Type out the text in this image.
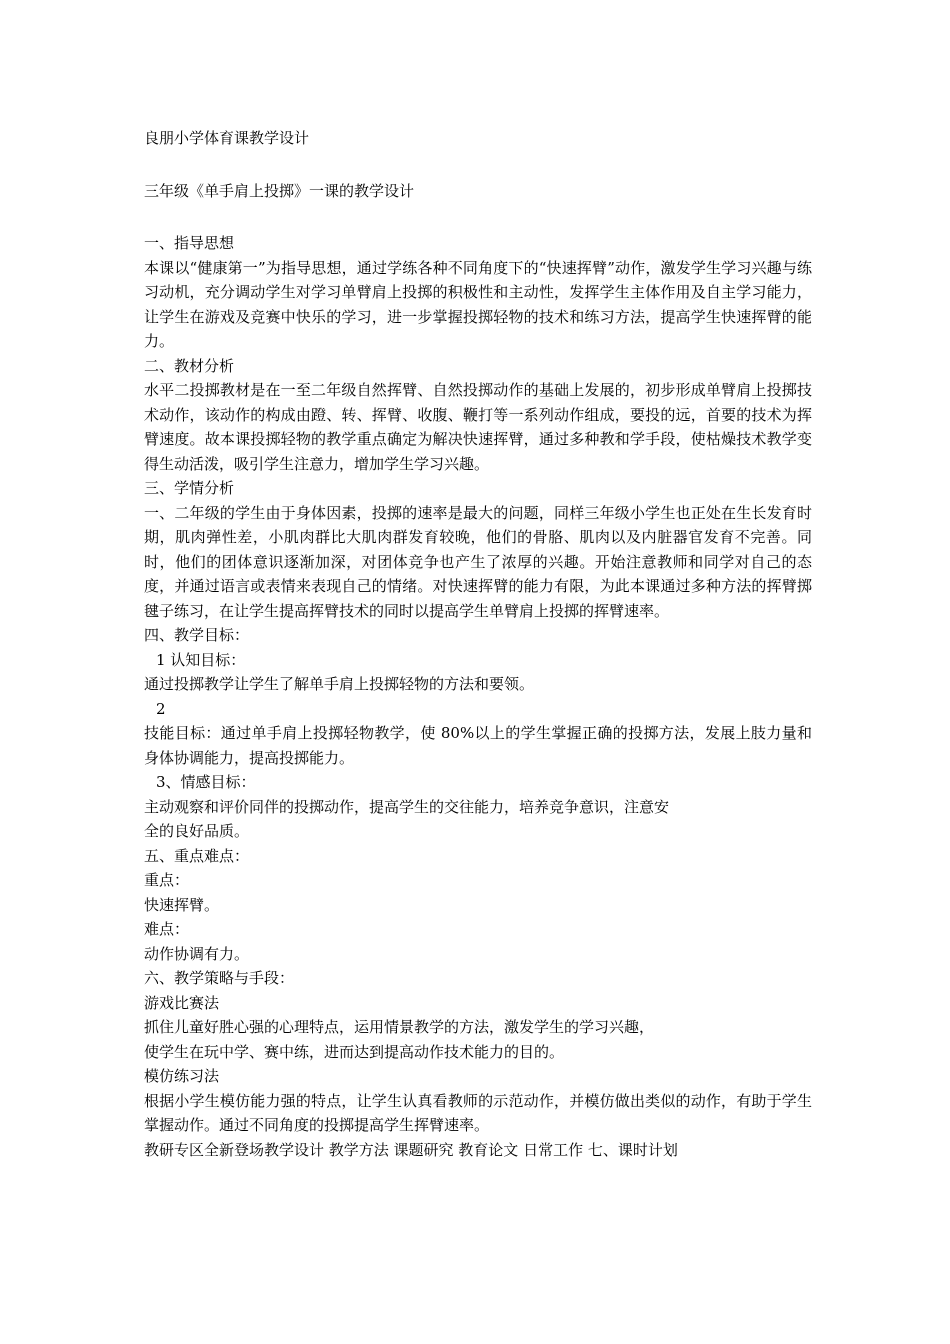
良朋小学体育课教学设计
三年级《单手肩上投掷》一课的教学设计
一、指导思想
本课以“健康第一”为指导思想，通过学练各种不同角度下的“快速挥臂”动作，激发学生学习兴趣与练习动机，充分调动学生对学习单臂肩上投掷的积极性和主动性，发挥学生主体作用及自主学习能力，让学生在游戏及竞赛中快乐的学习，进一步掌握投掷轻物的技术和练习方法，提高学生快速挥臂的能力。
二、教材分析
水平二投掷教材是在一至二年级自然挥臂、自然投掷动作的基础上发展的，初步形成单臂肩上投掷技术动作，该动作的构成由蹬、转、挥臂、收腹、鞭打等一系列动作组成，要投的远，首要的技术为挥臂速度。故本课投掷轻物的教学重点确定为解决快速挥臂，通过多种教和学手段，使枯燥技术教学变得生动活泼，吸引学生注意力，增加学生学习兴趣。
三、学情分析
一、二年级的学生由于身体因素，投掷的速率是最大的问题，同样三年级小学生也正处在生长发育时期，肌肉弹性差，小肌肉群比大肌肉群发育较晚，他们的骨胳、肌肉以及内脏器官发育不完善。同时，他们的团体意识逐渐加深，对团体竞争也产生了浓厚的兴趣。开始注意教师和同学对自己的态度，并通过语言或表情来表现自己的情绪。对快速挥臂的能力有限，为此本课通过多种方法的挥臂掷毽子练习，在让学生提高挥臂技术的同时以提高学生单臂肩上投掷的挥臂速率。
四、教学目标：
1 认知目标：
通过投掷教学让学生了解单手肩上投掷轻物的方法和要领。
2
技能目标：通过单手肩上投掷轻物教学，使 80%以上的学生掌握正确的投掷方法，发展上肢力量和身体协调能力，提高投掷能力。
3、情感目标：
主动观察和评价同伴的投掷动作，提高学生的交往能力，培养竞争意识，注意安
全的良好品质。
五、重点难点：
重点：
快速挥臂。
难点：
动作协调有力。
六、教学策略与手段：
游戏比赛法
抓住儿童好胜心强的心理特点，运用情景教学的方法，激发学生的学习兴趣，
使学生在玩中学、赛中练，进而达到提高动作技术能力的目的。
模仿练习法
根据小学生模仿能力强的特点，让学生认真看教师的示范动作，并模仿做出类似的动作，有助于学生掌握动作。通过不同角度的投掷提高学生挥臂速率。
教研专区全新登场教学设计 教学方法 课题研究 教育论文 日常工作 七、课时计划
